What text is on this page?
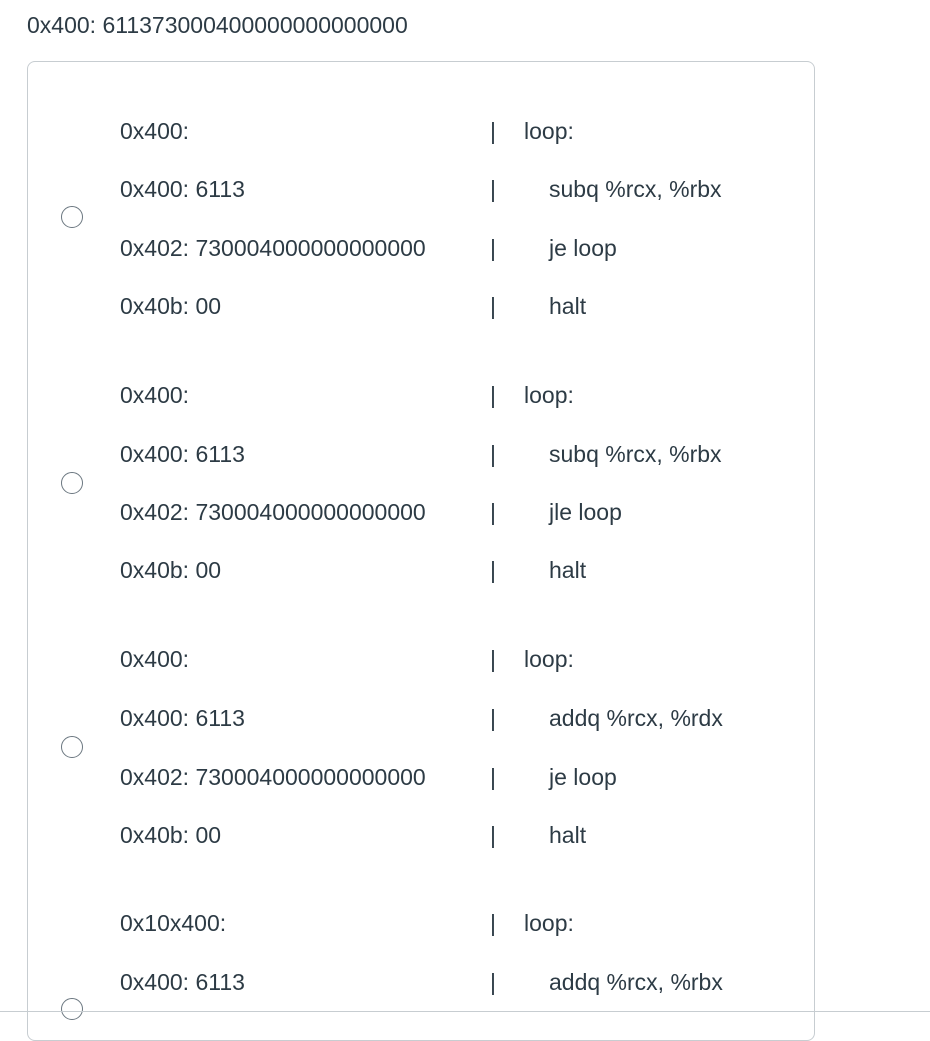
0x400: 611373000400000000000000
0x400:	| loop:
0x400: 6113	| subq %rcx, %rbx
0x402: 730004000000000000	| je loop
0x40b: 00	| halt
0x400:	| loop:
0x400: 6113	| subq %rcx, %rbx
0x402: 730004000000000000	| jle loop
0x40b: 00	| halt
0x400:	| loop:
0x400: 6113	| addq %rcx, %rdx
0x402: 730004000000000000	| je loop
0x40b: 00	| halt
0x10x400:	| loop:
0x400: 6113	| addq %rcx, %rbx
